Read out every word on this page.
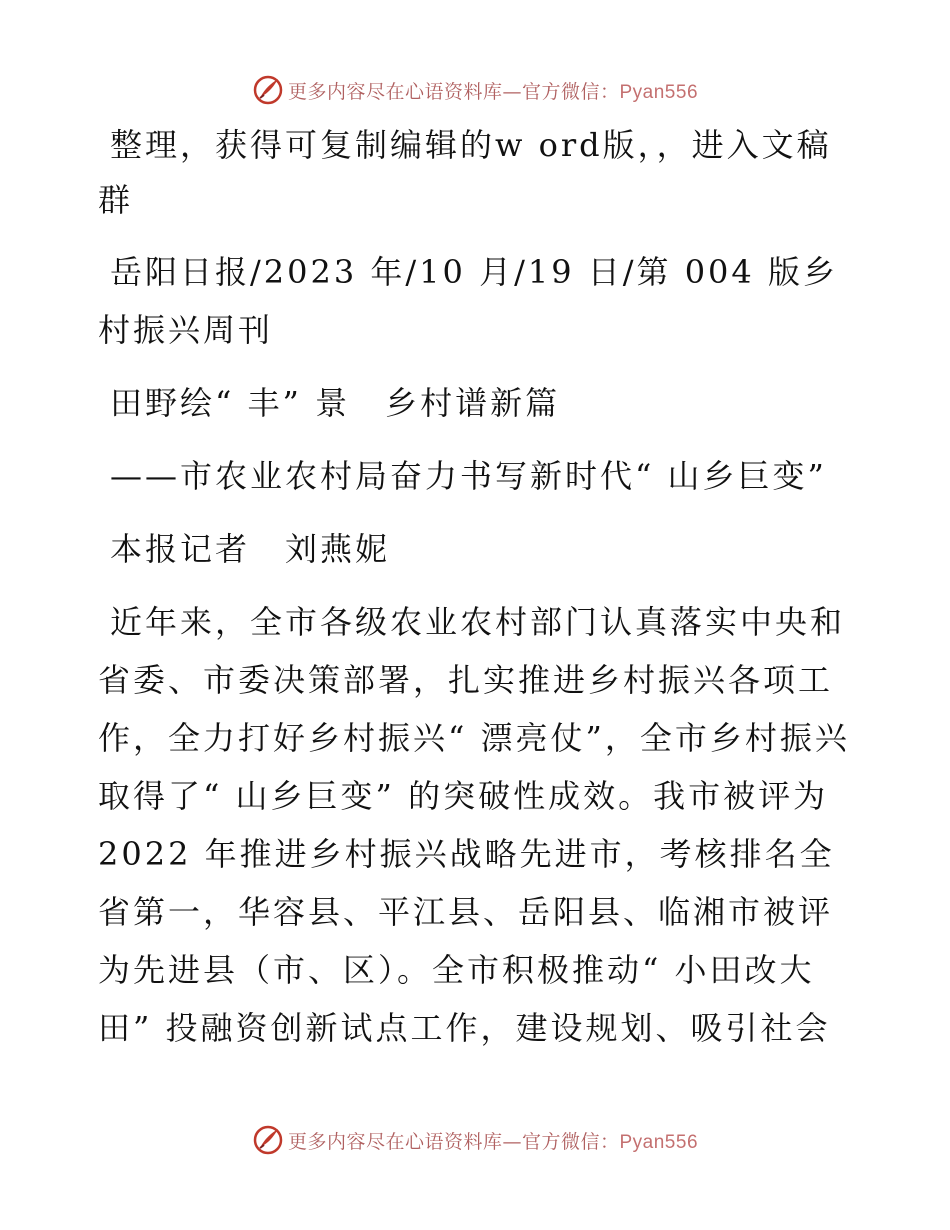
更多内容尽在心语资料库—官方微信：Pyan556

整理，获得可复制编辑的w ord版，，进入文稿群

岳阳日报/2023 年/10 月/19 日/第 004 版乡村振兴周刊

田野绘“ 丰” 景　乡村谱新篇

——市农业农村局奋力书写新时代“ 山乡巨变”

本报记者　刘燕妮

近年来，全市各级农业农村部门认真落实中央和省委、市委决策部署，扎实推进乡村振兴各项工作，全力打好乡村振兴“ 漂亮仗”，全市乡村振兴取得了“ 山乡巨变” 的突破性成效。我市被评为 2022 年推进乡村振兴战略先进市，考核排名全省第一，华容县、平江县、岳阳县、临湘市被评为先进县（市、区）。全市积极推动“ 小田改大田” 投融资创新试点工作，建设规划、吸引社会

更多内容尽在心语资料库—官方微信：Pyan556
